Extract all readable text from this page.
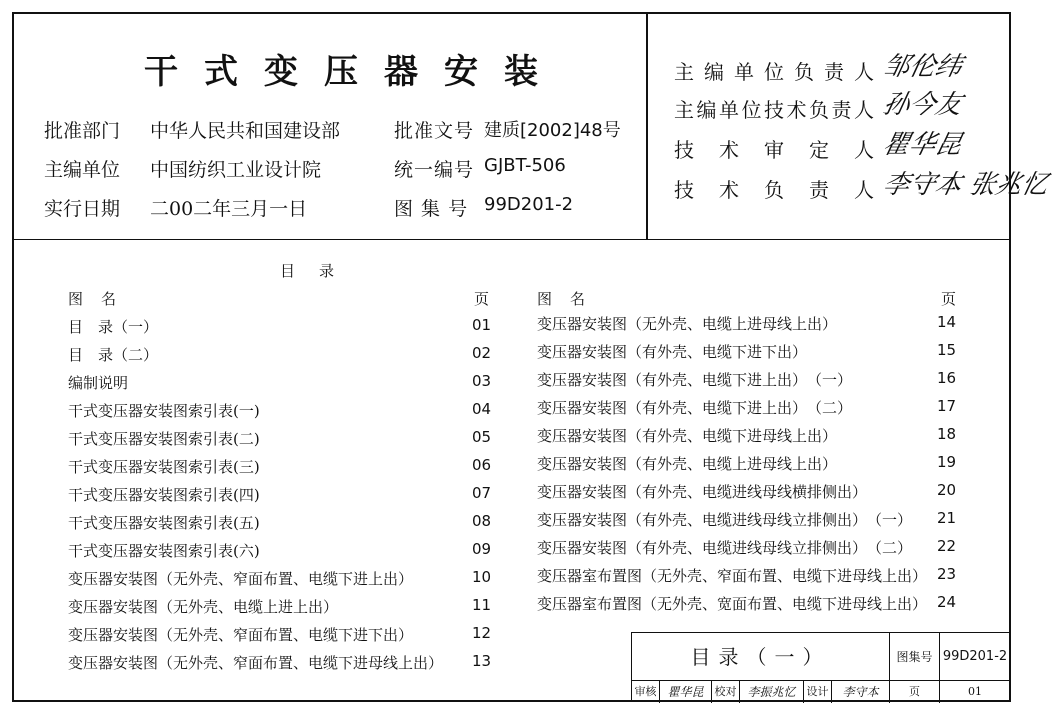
干式变压器安装
批准部门	中华人民共和国建设部	批准文号 建质[2002]48号
主编单位	中国纺织工业设计院	统一编号 GJBT-506
实行日期	二00二年三月一日	图 集 号 99D201-2
主编单位负责人 邹伦纬
主编单位技术负责人 孙今友
技术审定人 瞿华昆
技术负责人 李守本 张兆忆
目录
图名	页	图名	页
目　录（一）	01
目　录（二）	02
编制说明	03
干式变压器安装图索引表(一)	04
干式变压器安装图索引表(二)	05
干式变压器安装图索引表(三)	06
干式变压器安装图索引表(四)	07
干式变压器安装图索引表(五)	08
干式变压器安装图索引表(六)	09
变压器安装图（无外壳、窄面布置、电缆下进上出）	10
变压器安装图（无外壳、电缆上进上出）	11
变压器安装图（无外壳、窄面布置、电缆下进下出）	12
变压器安装图（无外壳、窄面布置、电缆下进母线上出） 13
变压器安装图（无外壳、电缆上进母线上出）	14
变压器安装图（有外壳、电缆下进下出）	15
变压器安装图（有外壳、电缆下进上出）　（一）	16
变压器安装图（有外壳、电缆下进上出）　（二）	17
变压器安装图（有外壳、电缆下进母线上出）	18
变压器安装图（有外壳、电缆上进母线上出）	19
变压器安装图（有外壳、电缆进线母线横排侧出）	20
变压器安装图（有外壳、电缆进线母线立排侧出）　（一） 21
变压器安装图（有外壳、电缆进线母线立排侧出）　（二） 22
变压器室布置图（无外壳、窄面布置、电缆下进母线上出） 23
变压器室布置图（无外壳、宽面布置、电缆下进母线上出） 24
目录（一）	图集号 99D201-2
审核 瞿华昆	校对 李振兆忆	设计	李守本	页	01
